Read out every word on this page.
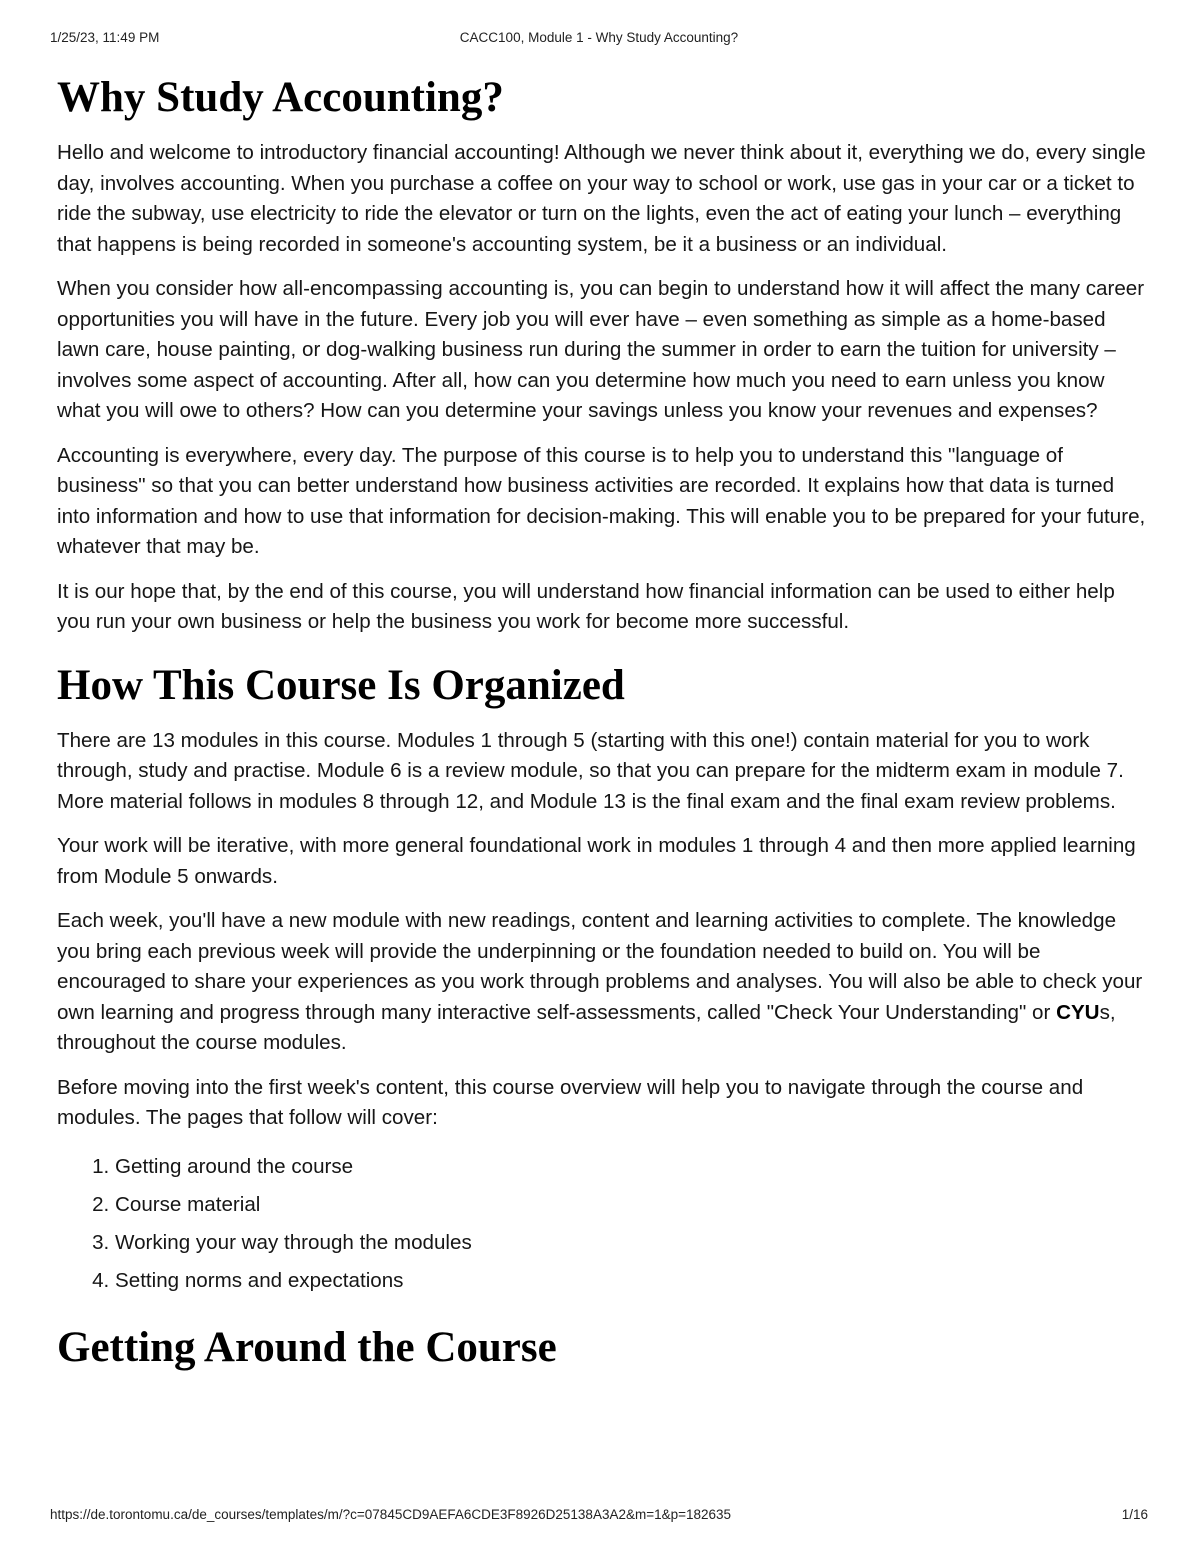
1/25/23, 11:49 PM	CACC100, Module 1 - Why Study Accounting?
Why Study Accounting?

Hello and welcome to introductory financial accounting! Although we never think about it, everything we do, every single day, involves accounting. When you purchase a coffee on your way to school or work, use gas in your car or a ticket to ride the subway, use electricity to ride the elevator or turn on the lights, even the act of eating your lunch – everything that happens is being recorded in someone's accounting system, be it a business or an individual.

When you consider how all-encompassing accounting is, you can begin to understand how it will affect the many career opportunities you will have in the future. Every job you will ever have – even something as simple as a home-based lawn care, house painting, or dog-walking business run during the summer in order to earn the tuition for university – involves some aspect of accounting. After all, how can you determine how much you need to earn unless you know what you will owe to others? How can you determine your savings unless you know your revenues and expenses?

Accounting is everywhere, every day. The purpose of this course is to help you to understand this "language of business" so that you can better understand how business activities are recorded. It explains how that data is turned into information and how to use that information for decision-making. This will enable you to be prepared for your future, whatever that may be.

It is our hope that, by the end of this course, you will understand how financial information can be used to either help you run your own business or help the business you work for become more successful.

How This Course Is Organized

There are 13 modules in this course. Modules 1 through 5 (starting with this one!) contain material for you to work through, study and practise. Module 6 is a review module, so that you can prepare for the midterm exam in module 7. More material follows in modules 8 through 12, and Module 13 is the final exam and the final exam review problems.

Your work will be iterative, with more general foundational work in modules 1 through 4 and then more applied learning from Module 5 onwards.

Each week, you'll have a new module with new readings, content and learning activities to complete. The knowledge you bring each previous week will provide the underpinning or the foundation needed to build on. You will be encouraged to share your experiences as you work through problems and analyses. You will also be able to check your own learning and progress through many interactive self-assessments, called "Check Your Understanding" or CYUs, throughout the course modules.

Before moving into the first week's content, this course overview will help you to navigate through the course and modules. The pages that follow will cover:

1. Getting around the course
2. Course material
3. Working your way through the modules
4. Setting norms and expectations
Getting Around the Course
https://de.torontomu.ca/de_courses/templates/m/?c=07845CD9AEFA6CDE3F8926D25138A3A2&m=1&p=182635	1/16
